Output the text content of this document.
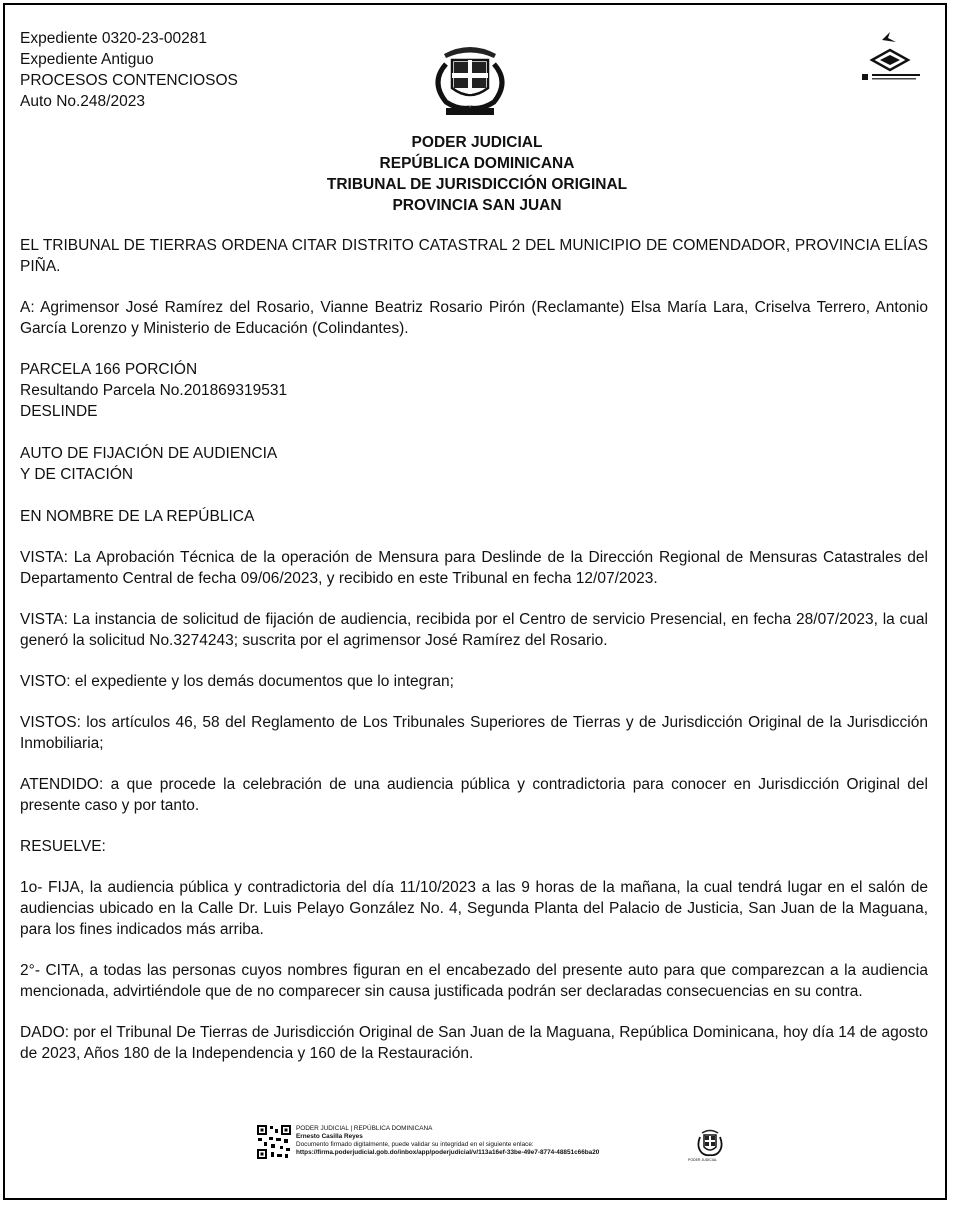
Expediente 0320-23-00281
Expediente Antiguo
PROCESOS CONTENCIOSOS
Auto No.248/2023
PODER JUDICIAL
REPÚBLICA DOMINICANA
TRIBUNAL DE JURISDICCIÓN ORIGINAL
PROVINCIA SAN JUAN

EL TRIBUNAL DE TIERRAS ORDENA CITAR DISTRITO CATASTRAL 2 DEL MUNICIPIO DE COMENDADOR, PROVINCIA ELÍAS PIÑA.

A: Agrimensor José Ramírez del Rosario, Vianne Beatriz Rosario Pirón (Reclamante) Elsa María Lara, Criselva Terrero, Antonio García Lorenzo y Ministerio de Educación (Colindantes).

PARCELA 166 PORCIÓN
Resultando Parcela No.201869319531
DESLINDE

AUTO DE FIJACIÓN DE AUDIENCIA
Y DE CITACIÓN

EN NOMBRE DE LA REPÚBLICA

VISTA: La Aprobación Técnica de la operación de Mensura para Deslinde de la Dirección Regional de Mensuras Catastrales del Departamento Central de fecha 09/06/2023, y recibido en este Tribunal en fecha 12/07/2023.

VISTA: La instancia de solicitud de fijación de audiencia, recibida por el Centro de servicio Presencial, en fecha 28/07/2023, la cual generó la solicitud No.3274243; suscrita por el agrimensor José Ramírez del Rosario.

VISTO: el expediente y los demás documentos que lo integran;

VISTOS: los artículos 46, 58 del Reglamento de Los Tribunales Superiores de Tierras y de Jurisdicción Original de la Jurisdicción Inmobiliaria;

ATENDIDO: a que procede la celebración de una audiencia pública y contradictoria para conocer en Jurisdicción Original del presente caso y por tanto.

RESUELVE:

1o- FIJA, la audiencia pública y contradictoria del día 11/10/2023 a las 9 horas de la mañana, la cual tendrá lugar en el salón de audiencias ubicado en la Calle Dr. Luis Pelayo González No. 4, Segunda Planta del Palacio de Justicia, San Juan de la Maguana, para los fines indicados más arriba.

2°- CITA, a todas las personas cuyos nombres figuran en el encabezado del presente auto para que comparezcan a la audiencia mencionada, advirtiéndole que de no comparecer sin causa justificada podrán ser declaradas consecuencias en su contra.

DADO: por el Tribunal De Tierras de Jurisdicción Original de San Juan de la Maguana, República Dominicana, hoy día 14 de agosto de 2023, Años 180 de la Independencia y 160 de la Restauración.

PODER JUDICIAL | REPÚBLICA DOMINICANA
Ernesto Casilla Reyes
Documento firmado digitalmente, puede validar su integridad en el siguiente enlace:
https://firma.poderjudicial.gob.do/inbox/app/poderjudicial/v/113a16ef-33be-49e7-8774-48851c66ba20
PODER JUDICIAL
